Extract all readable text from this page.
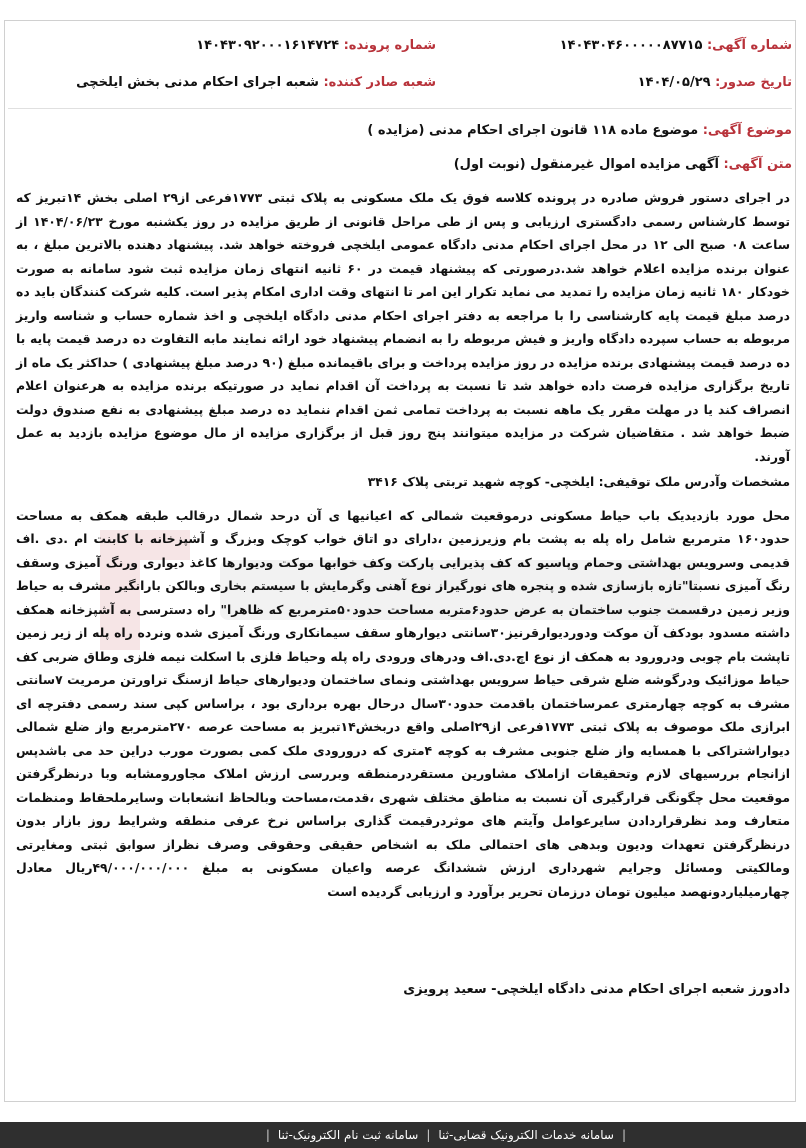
شماره آگهی: ۱۴۰۴۳۰۴۶۰۰۰۰۰۸۷۷۱۵
شماره پرونده: ۱۴۰۴۳۰۹۲۰۰۰۱۶۱۴۷۲۴
تاریخ صدور: ۱۴۰۴/۰۵/۲۹
شعبه صادر کننده: شعبه اجرای احکام مدنی بخش ایلخچی
موضوع آگهی: موضوع ماده ۱۱۸ قانون اجرای احکام مدنی (مزایده )
متن آگهی: آگهی مزایده اموال غیرمنقول (نوبت اول)

در اجرای دستور فروش صادره در پرونده کلاسه فوق یک ملک مسکونی به پلاک ثبتی ۱۷۷۳فرعی از۲۹ اصلی بخش ۱۴تبریز که توسط کارشناس رسمی دادگستری ارزیابی و پس از طی مراحل قانونی از طریق مزایده در روز یکشنبه مورخ ۱۴۰۴/۰۶/۲۳ از ساعت ۰۸ صبح الی ۱۲ در محل اجرای احکام مدنی دادگاه عمومی ایلخچی فروخته خواهد شد. پیشنهاد دهنده بالاترین مبلغ ، به عنوان برنده مزایده اعلام خواهد شد.درصورتی که پیشنهاد قیمت در ۶۰ ثانیه انتهای زمان مزایده ثبت شود سامانه به صورت خودکار ۱۸۰ ثانیه زمان مزایده را تمدید می نماید تکرار این امر تا انتهای وقت اداری امکام پذیر است. کلیه شرکت کنندگان باید ده درصد مبلغ قیمت پایه کارشناسی را با مراجعه به دفتر اجرای احکام مدنی دادگاه ایلخچی و اخذ شماره حساب و شناسه واریز مربوطه به حساب سپرده دادگاه واریز و فیش مربوطه را به انضمام پیشنهاد خود ارائه نمایند مابه التفاوت ده درصد قیمت پایه با ده درصد قیمت پیشنهادی برنده مزایده در روز مزایده پرداخت و برای باقیمانده مبلغ (۹۰ درصد مبلغ پیشنهادی ) حداکثر یک ماه از تاریخ برگزاری مزایده فرصت داده خواهد شد تا نسبت به پرداخت آن اقدام نماید در صورتیکه برنده مزایده به هرعنوان اعلام انصراف کند یا در مهلت مقرر یک ماهه نسبت به پرداخت تمامی ثمن اقدام ننماید ده درصد مبلغ پیشنهادی به نفع صندوق دولت ضبط خواهد شد . متقاضیان شرکت در مزایده میتوانند پنج روز قبل از برگزاری مزایده از مال موضوع مزایده بازدید به عمل آورند.

مشخصات وآدرس ملک توقیفی: ایلخچی- کوچه شهید تربتی پلاک ۳۴۱۶

محل مورد بازدیدیک باب حیاط مسکونی درموقعیت شمالی که اعیانیها ی آن درحد شمال درقالب طبقه همکف به مساحت حدود۱۶۰ مترمربع شامل راه پله به پشت بام وزیرزمین ،دارای دو اتاق خواب کوچک وبزرگ و آشپزخانه با کابنت ام .دی .اف قدیمی وسرویس بهداشتی وحمام وپاسیو که کف پذیرایی پارکت وکف خوابها موکت ودیوارها کاغذ دیواری ورنگ آمیزی وسقف رنگ آمیزی نسبتا"تازه بازسازی شده و پنجره های نورگیراز نوع آهنی وگرمایش با سیستم بخاری وبالکن بارانگیر مشرف به حیاط وزیر زمین درقسمت جنوب ساختمان به عرض حدود۶متربه مساحت حدود۵۰مترمربع که ظاهرا" راه دسترسی به آشپزخانه همکف داشته مسدود بودکف آن موکت ودوردیوارقرنیز۳۰سانتی دیوارهاو سقف سیمانکاری ورنگ آمیزی شده ونرده راه پله از زیر زمین تاپشت بام چوبی ودرورود به همکف از نوع اچ.دی.اف ودرهای ورودی راه پله وحیاط فلزی با اسکلت نیمه فلزی وطاق ضربی کف حیاط موزائیک ودرگوشه ضلع شرقی حیاط سرویس بهداشتی ونمای ساختمان ودیوارهای حیاط ازسنگ تراورتن مرمریت ۷سانتی مشرف به کوچه چهارمتری عمرساختمان باقدمت حدود۳۰سال درحال بهره برداری بود ، براساس کپی سند رسمی دفترچه ای ابرازی ملک موصوف به پلاک ثبتی ۱۷۷۳فرعی از۲۹اصلی واقع دربخش۱۴تبریز به مساحت عرصه ۲۷۰مترمربع واز ضلع شمالی دیواراشتراکی با همسایه واز ضلع جنوبی مشرف به کوچه ۴متری که درورودی ملک کمی بصورت مورب دراین حد می باشدپس ازانجام بررسیهای لازم وتحقیقات ازاملاک مشاورین مستقردرمنطقه وبررسی ارزش املاک مجاورومشابه وبا درنظرگرفتن موقعیت محل چگونگی قرارگیری آن نسبت به مناطق مختلف شهری ،قدمت،مساحت وبالحاظ انشعابات وسایرملحقاط ومنظمات متعارف ومد نظرقراردادن سایرعوامل وآیتم های موثردرقیمت گذاری براساس نرخ عرفی منطقه وشرایط روز بازار بدون درنظرگرفتن تعهدات ودیون وبدهی های احتمالی ملک به اشخاص حقیقی وحقوقی وصرف نظراز سوابق ثبتی ومغایرتی ومالکیتی ومسائل وجرایم شهرداری ارزش ششدانگ عرصه واعیان مسکونی به مبلغ ۴۹/۰۰۰/۰۰۰/۰۰۰ریال معادل چهارمیلیاردونهصد میلیون تومان درزمان تحریر برآورد و ارزیابی گردیده است

دادورز شعبه اجرای احکام مدنی دادگاه ایلخچی- سعید پرویزی
|
سامانه خدمات الکترونیک قضایی-ثنا
|
سامانه ثبت نام الکترونیک-ثنا
|
